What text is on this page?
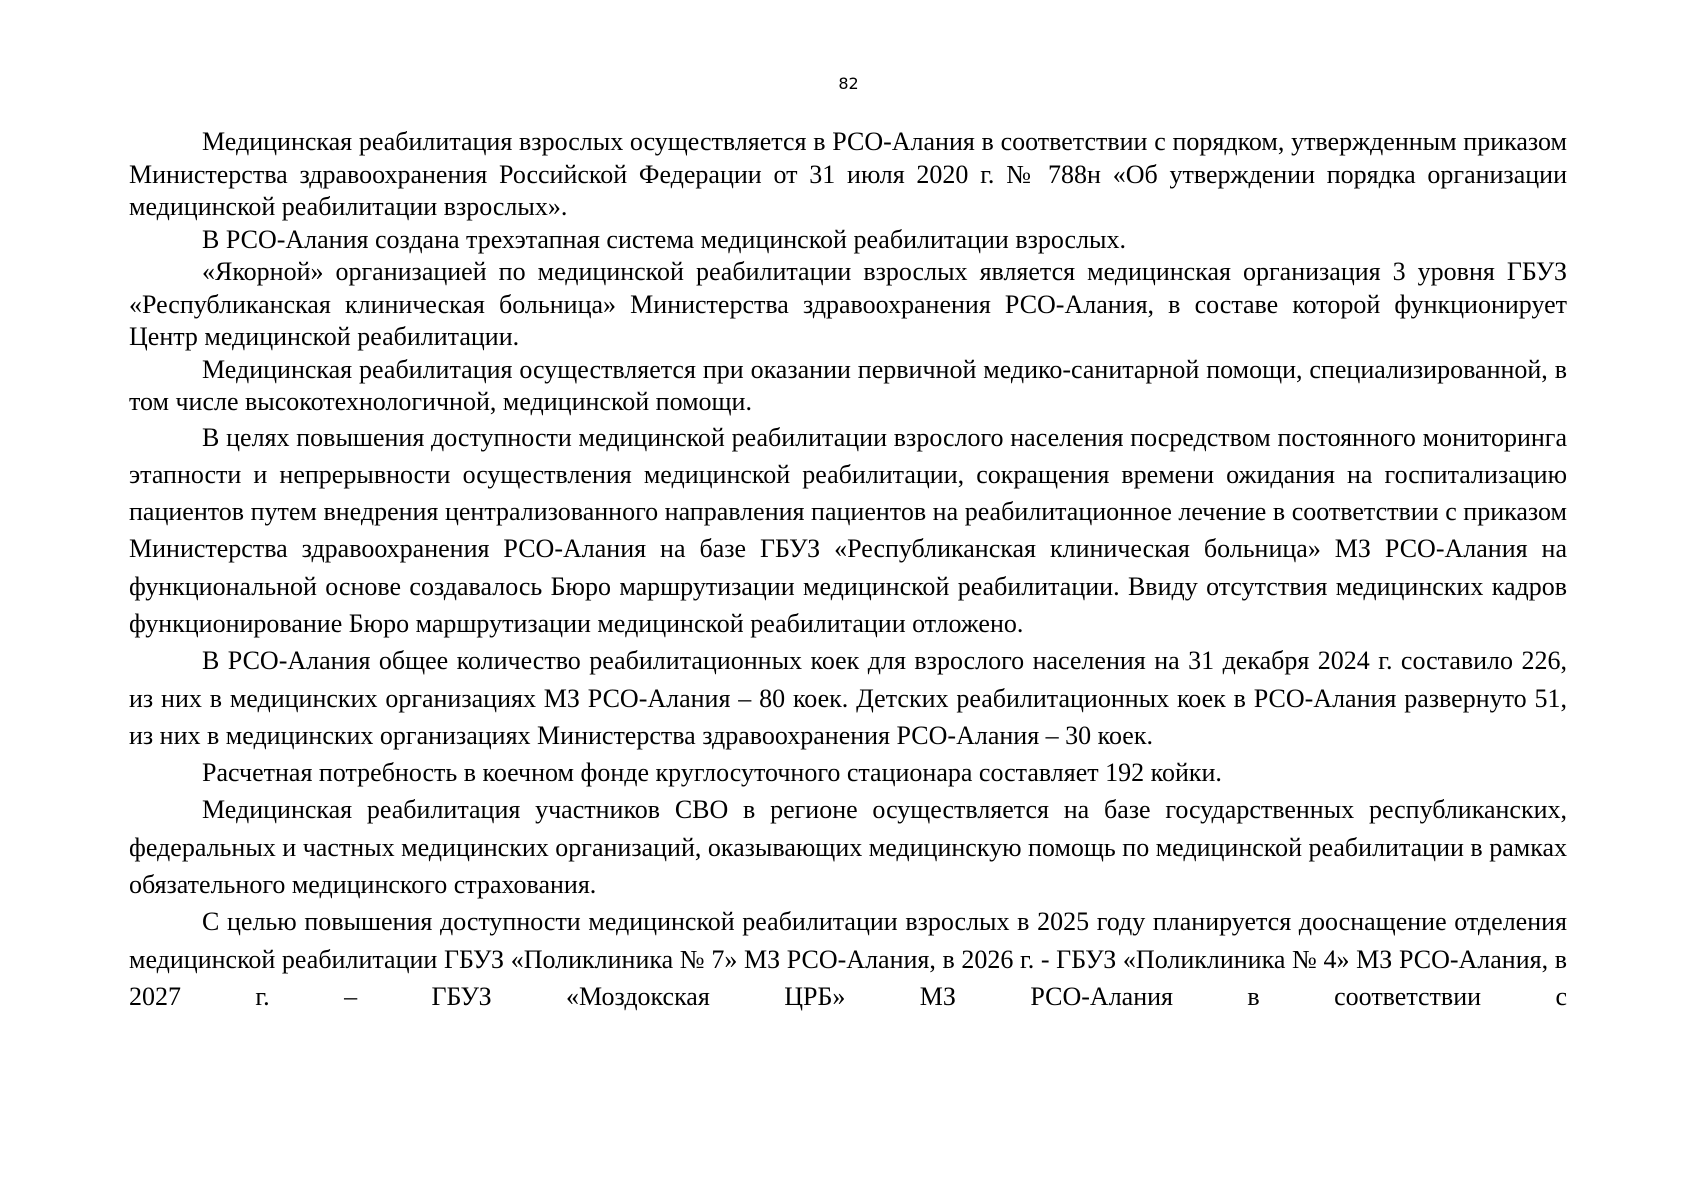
82

Медицинская реабилитация взрослых осуществляется в РСО-Алания в соответствии с порядком, утвержденным приказом Министерства здравоохранения Российской Федерации от 31 июля 2020 г. № 788н «Об утверждении порядка организации медицинской реабилитации взрослых».

В РСО-Алания создана трехэтапная система медицинской реабилитации взрослых.

«Якорной» организацией по медицинской реабилитации взрослых является медицинская организация 3 уровня ГБУЗ «Республиканская клиническая больница» Министерства здравоохранения РСО-Алания, в составе которой функционирует Центр медицинской реабилитации.

Медицинская реабилитация осуществляется при оказании первичной медико-санитарной помощи, специализированной, в том числе высокотехнологичной, медицинской помощи.

В целях повышения доступности медицинской реабилитации взрослого населения посредством постоянного мониторинга этапности и непрерывности осуществления медицинской реабилитации, сокращения времени ожидания на госпитализацию пациентов путем внедрения централизованного направления пациентов на реабилитационное лечение в соответствии с приказом Министерства здравоохранения РСО-Алания на базе ГБУЗ «Республиканская клиническая больница» МЗ РСО-Алания на функциональной основе создавалось Бюро маршрутизации медицинской реабилитации. Ввиду отсутствия медицинских кадров функционирование Бюро маршрутизации медицинской реабилитации отложено.

В РСО-Алания общее количество реабилитационных коек для взрослого населения на 31 декабря 2024 г. составило 226, из них в медицинских организациях МЗ РСО-Алания – 80 коек. Детских реабилитационных коек в РСО-Алания развернуто 51, из них в медицинских организациях Министерства здравоохранения РСО-Алания – 30 коек.

Расчетная потребность в коечном фонде круглосуточного стационара составляет 192 койки.

Медицинская реабилитация участников СВО в регионе осуществляется на базе государственных республиканских, федеральных и частных медицинских организаций, оказывающих медицинскую помощь по медицинской реабилитации в рамках обязательного медицинского страхования.

С целью повышения доступности медицинской реабилитации взрослых в 2025 году планируется дооснащение отделения медицинской реабилитации ГБУЗ «Поликлиника № 7» МЗ РСО-Алания, в 2026 г. - ГБУЗ «Поликлиника № 4» МЗ РСО-Алания, в 2027 г. – ГБУЗ «Моздокская ЦРБ» МЗ РСО-Алания в соответствии с
